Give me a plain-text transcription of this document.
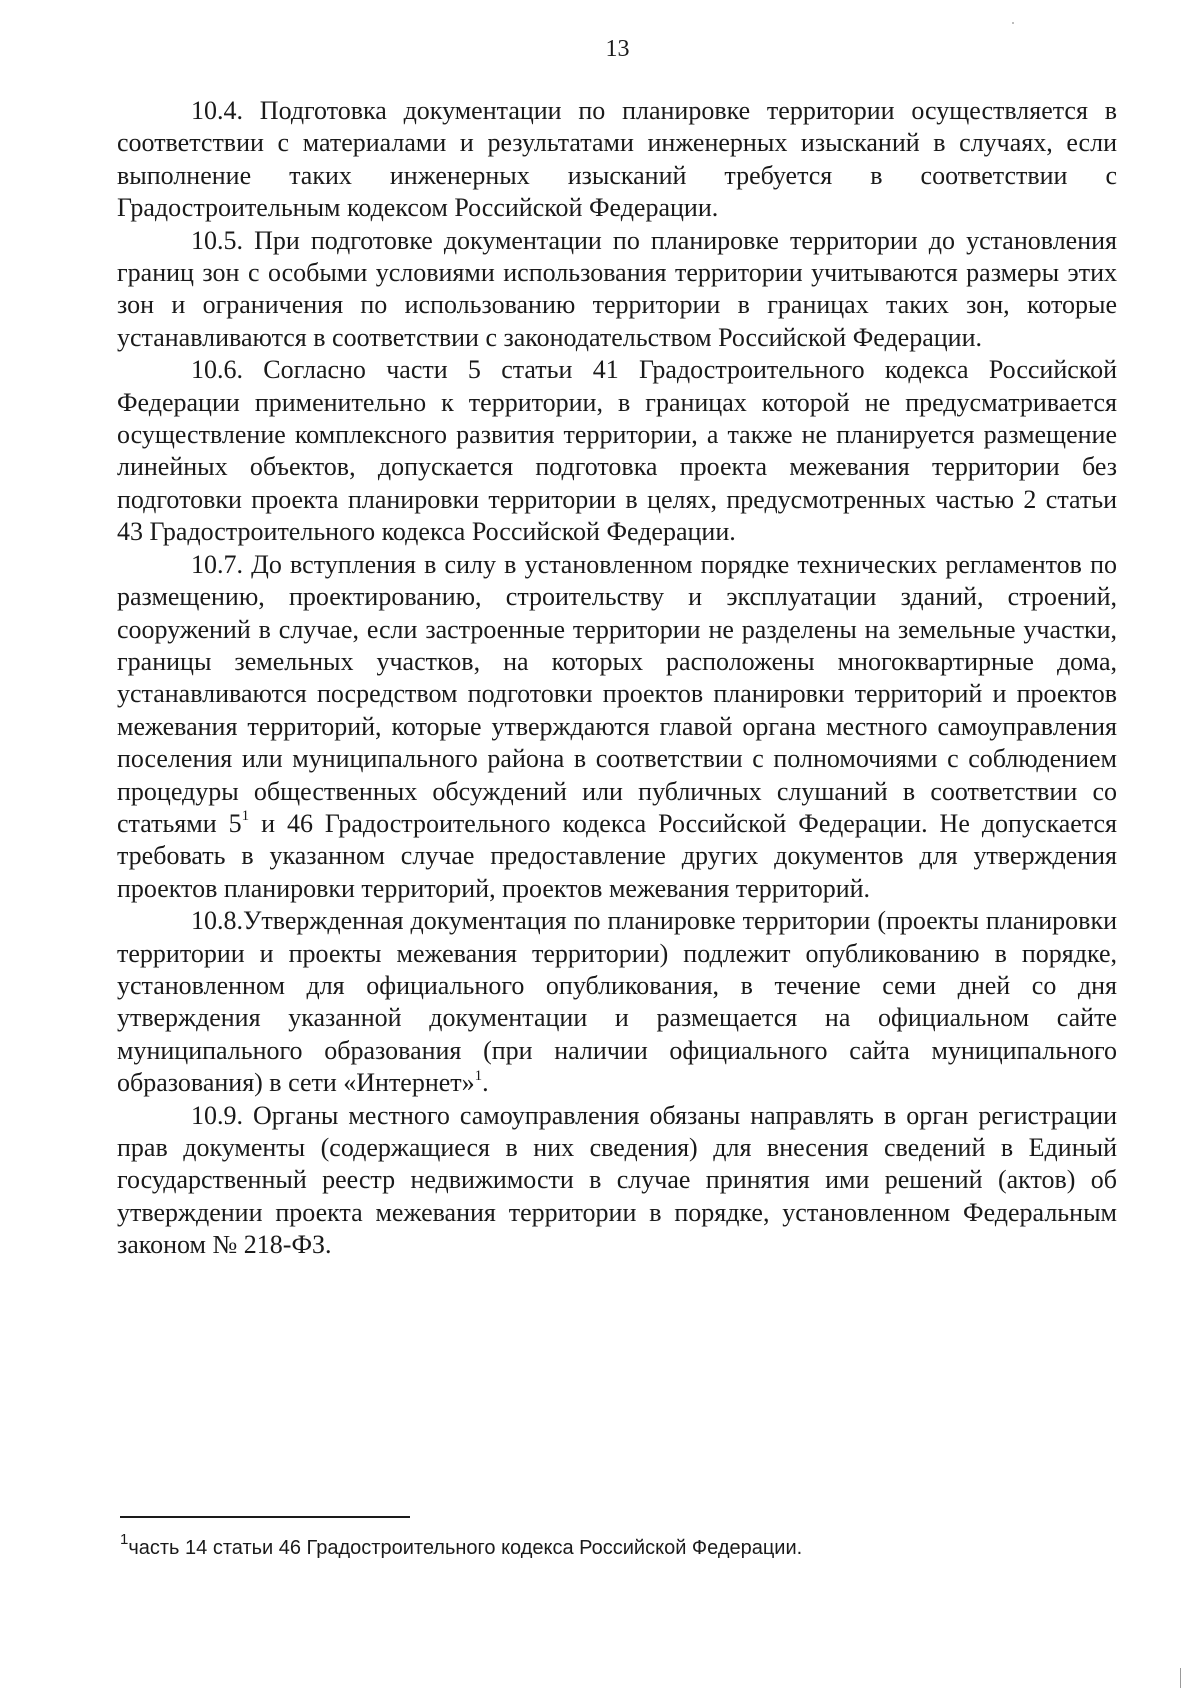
13

10.4. Подготовка документации по планировке территории осуществляется в соответствии с материалами и результатами инженерных изысканий в случаях, если выполнение таких инженерных изысканий требуется в соответствии с Градостроительным кодексом Российской Федерации.

10.5. При подготовке документации по планировке территории до установления границ зон с особыми условиями использования территории учитываются размеры этих зон и ограничения по использованию территории в границах таких зон, которые устанавливаются в соответствии с законодательством Российской Федерации.

10.6. Согласно части 5 статьи 41 Градостроительного кодекса Российской Федерации применительно к территории, в границах которой не предусматривается осуществление комплексного развития территории, а также не планируется размещение линейных объектов, допускается подготовка проекта межевания территории без подготовки проекта планировки территории в целях, предусмотренных частью 2 статьи 43 Градостроительного кодекса Российской Федерации.

10.7. До вступления в силу в установленном порядке технических регламентов по размещению, проектированию, строительству и эксплуатации зданий, строений, сооружений в случае, если застроенные территории не разделены на земельные участки, границы земельных участков, на которых расположены многоквартирные дома, устанавливаются посредством подготовки проектов планировки территорий и проектов межевания территорий, которые утверждаются главой органа местного самоуправления поселения или муниципального района в соответствии с полномочиями с соблюдением процедуры общественных обсуждений или публичных слушаний в соответствии со статьями $5^1$ и 46 Градостроительного кодекса Российской Федерации. Не допускается требовать в указанном случае предоставление других документов для утверждения проектов планировки территорий, проектов межевания территорий.

10.8.Утвержденная документация по планировке территории (проекты планировки территории и проекты межевания территории) подлежит опубликованию в порядке, установленном для официального опубликования, в течение семи дней со дня утверждения указанной документации и размещается на официальном сайте муниципального образования (при наличии официального сайта муниципального образования) в сети «Интернет»$^1$.

10.9. Органы местного самоуправления обязаны направлять в орган регистрации прав документы (содержащиеся в них сведения) для внесения сведений в Единый государственный реестр недвижимости в случае принятия ими решений (актов) об утверждении проекта межевания территории в порядке, установленном Федеральным законом № 218-ФЗ.

$^1$часть 14 статьи 46 Градостроительного кодекса Российской Федерации.
